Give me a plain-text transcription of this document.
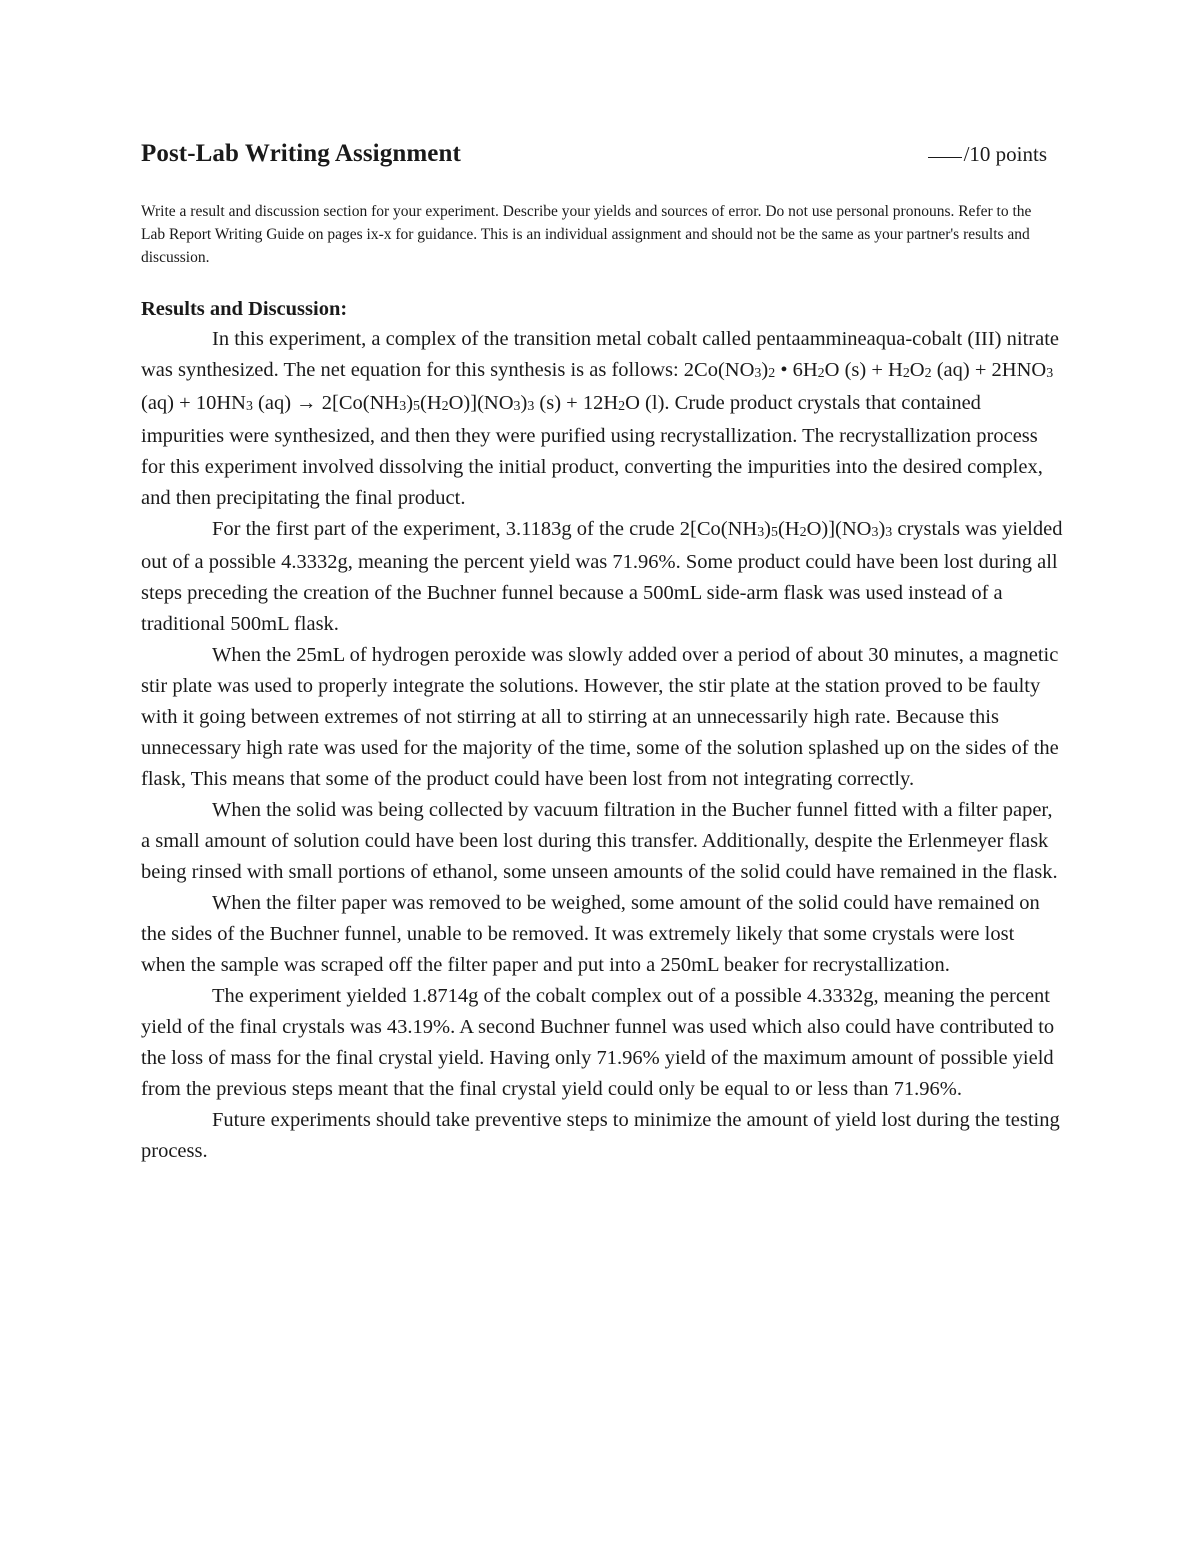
Post-Lab Writing Assignment	/10 points
Write a result and discussion section for your experiment. Describe your yields and sources of error. Do not use personal pronouns. Refer to the Lab Report Writing Guide on pages ix-x for guidance. This is an individual assignment and should not be the same as your partner's results and discussion.
Results and Discussion:

In this experiment, a complex of the transition metal cobalt called pentaammineaqua-cobalt (III) nitrate was synthesized. The net equation for this synthesis is as follows: $2Co(NO_3)_2$ • $6H_2O$ $(s) + H_2O_2$ $(aq) + 2HNO_3$ $(aq) + 10HN_3$ $(aq) \to 2[Co(NH_3)_5(H_2O)](NO_3)_3$ $(s) + 12H_2O$ (l). Crude product crystals that contained impurities were synthesized, and then they were purified using recrystallization. The recrystallization process for this experiment involved dissolving the initial product, converting the impurities into the desired complex, and then precipitating the final product.

For the first part of the experiment, 3.1183g of the crude $2[Co(NH_3)_5(H_2O)](NO_3)_3$ crystals was yielded out of a possible 4.3332g, meaning the percent yield was 71.96%. Some product could have been lost during all steps preceding the creation of the Buchner funnel because a 500mL side-arm flask was used instead of a traditional 500mL flask.

When the 25mL of hydrogen peroxide was slowly added over a period of about 30 minutes, a magnetic stir plate was used to properly integrate the solutions. However, the stir plate at the station proved to be faulty with it going between extremes of not stirring at all to stirring at an unnecessarily high rate. Because this unnecessary high rate was used for the majority of the time, some of the solution splashed up on the sides of the flask, This means that some of the product could have been lost from not integrating correctly.

When the solid was being collected by vacuum filtration in the Bucher funnel fitted with a filter paper, a small amount of solution could have been lost during this transfer. Additionally, despite the Erlenmeyer flask being rinsed with small portions of ethanol, some unseen amounts of the solid could have remained in the flask.

When the filter paper was removed to be weighed, some amount of the solid could have remained on the sides of the Buchner funnel, unable to be removed. It was extremely likely that some crystals were lost when the sample was scraped off the filter paper and put into a 250mL beaker for recrystallization.

The experiment yielded 1.8714g of the cobalt complex out of a possible 4.3332g, meaning the percent yield of the final crystals was 43.19%. A second Buchner funnel was used which also could have contributed to the loss of mass for the final crystal yield. Having only 71.96% yield of the maximum amount of possible yield from the previous steps meant that the final crystal yield could only be equal to or less than 71.96%.

Future experiments should take preventive steps to minimize the amount of yield lost during the testing process.
